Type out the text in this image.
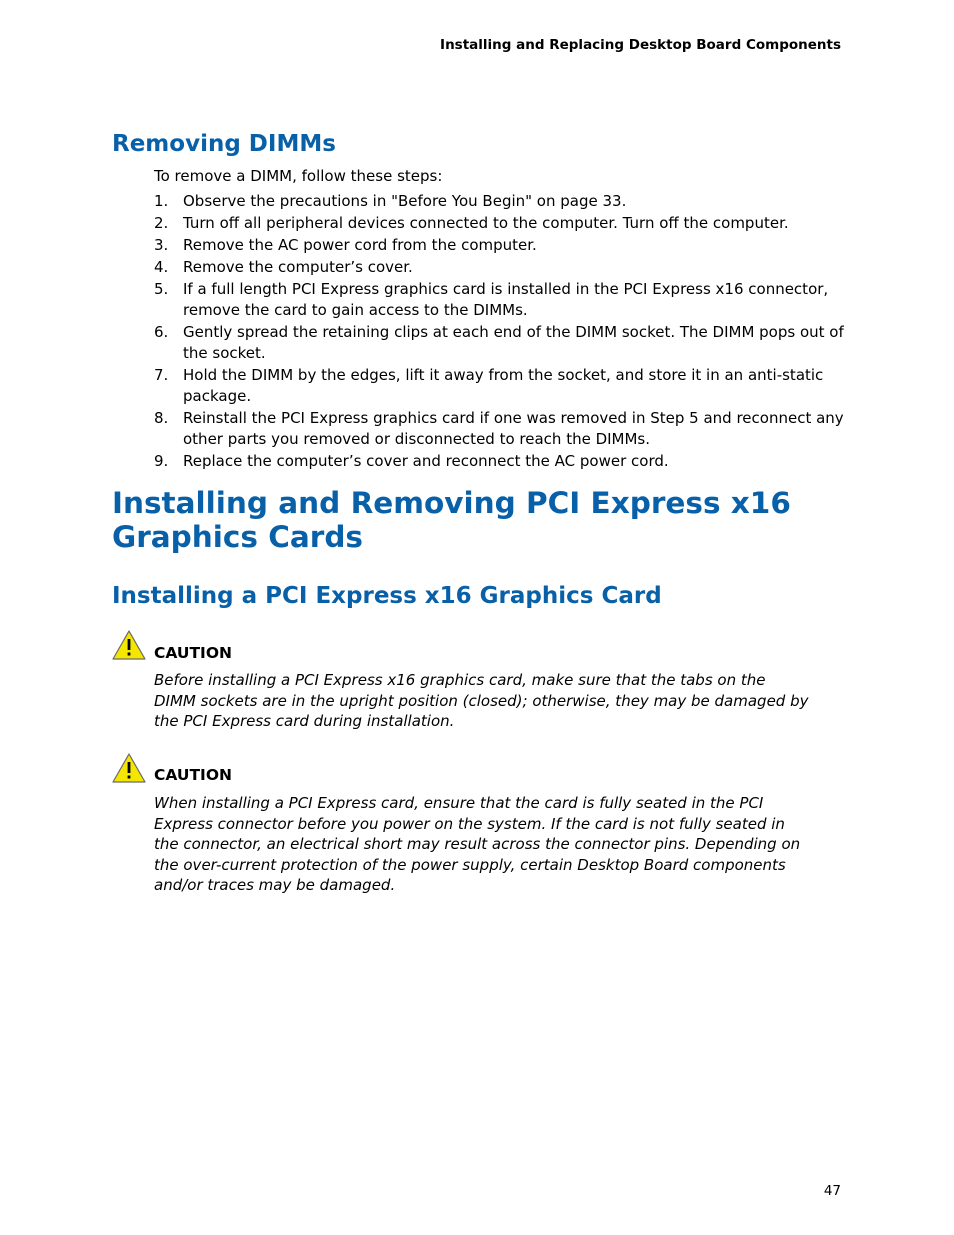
Installing and Replacing Desktop Board Components
Removing DIMMs
To remove a DIMM, follow these steps:
1. Observe the precautions in "Before You Begin" on page 33.
2. Turn off all peripheral devices connected to the computer. Turn off the computer.
3. Remove the AC power cord from the computer.
4. Remove the computer’s cover.
5. If a full length PCI Express graphics card is installed in the PCI Express x16 connector, remove the card to gain access to the DIMMs.
6. Gently spread the retaining clips at each end of the DIMM socket. The DIMM pops out of the socket.
7. Hold the DIMM by the edges, lift it away from the socket, and store it in an anti-static package.
8. Reinstall the PCI Express graphics card if one was removed in Step 5 and reconnect any other parts you removed or disconnected to reach the DIMMs.
9. Replace the computer’s cover and reconnect the AC power cord.
Installing and Removing PCI Express x16
Graphics Cards
Installing a PCI Express x16 Graphics Card
CAUTION
Before installing a PCI Express x16 graphics card, make sure that the tabs on the
DIMM sockets are in the upright position (closed); otherwise, they may be damaged by
the PCI Express card during installation.
CAUTION
When installing a PCI Express card, ensure that the card is fully seated in the PCI
Express connector before you power on the system. If the card is not fully seated in
the connector, an electrical short may result across the connector pins. Depending on
the over-current protection of the power supply, certain Desktop Board components
and/or traces may be damaged.
47
